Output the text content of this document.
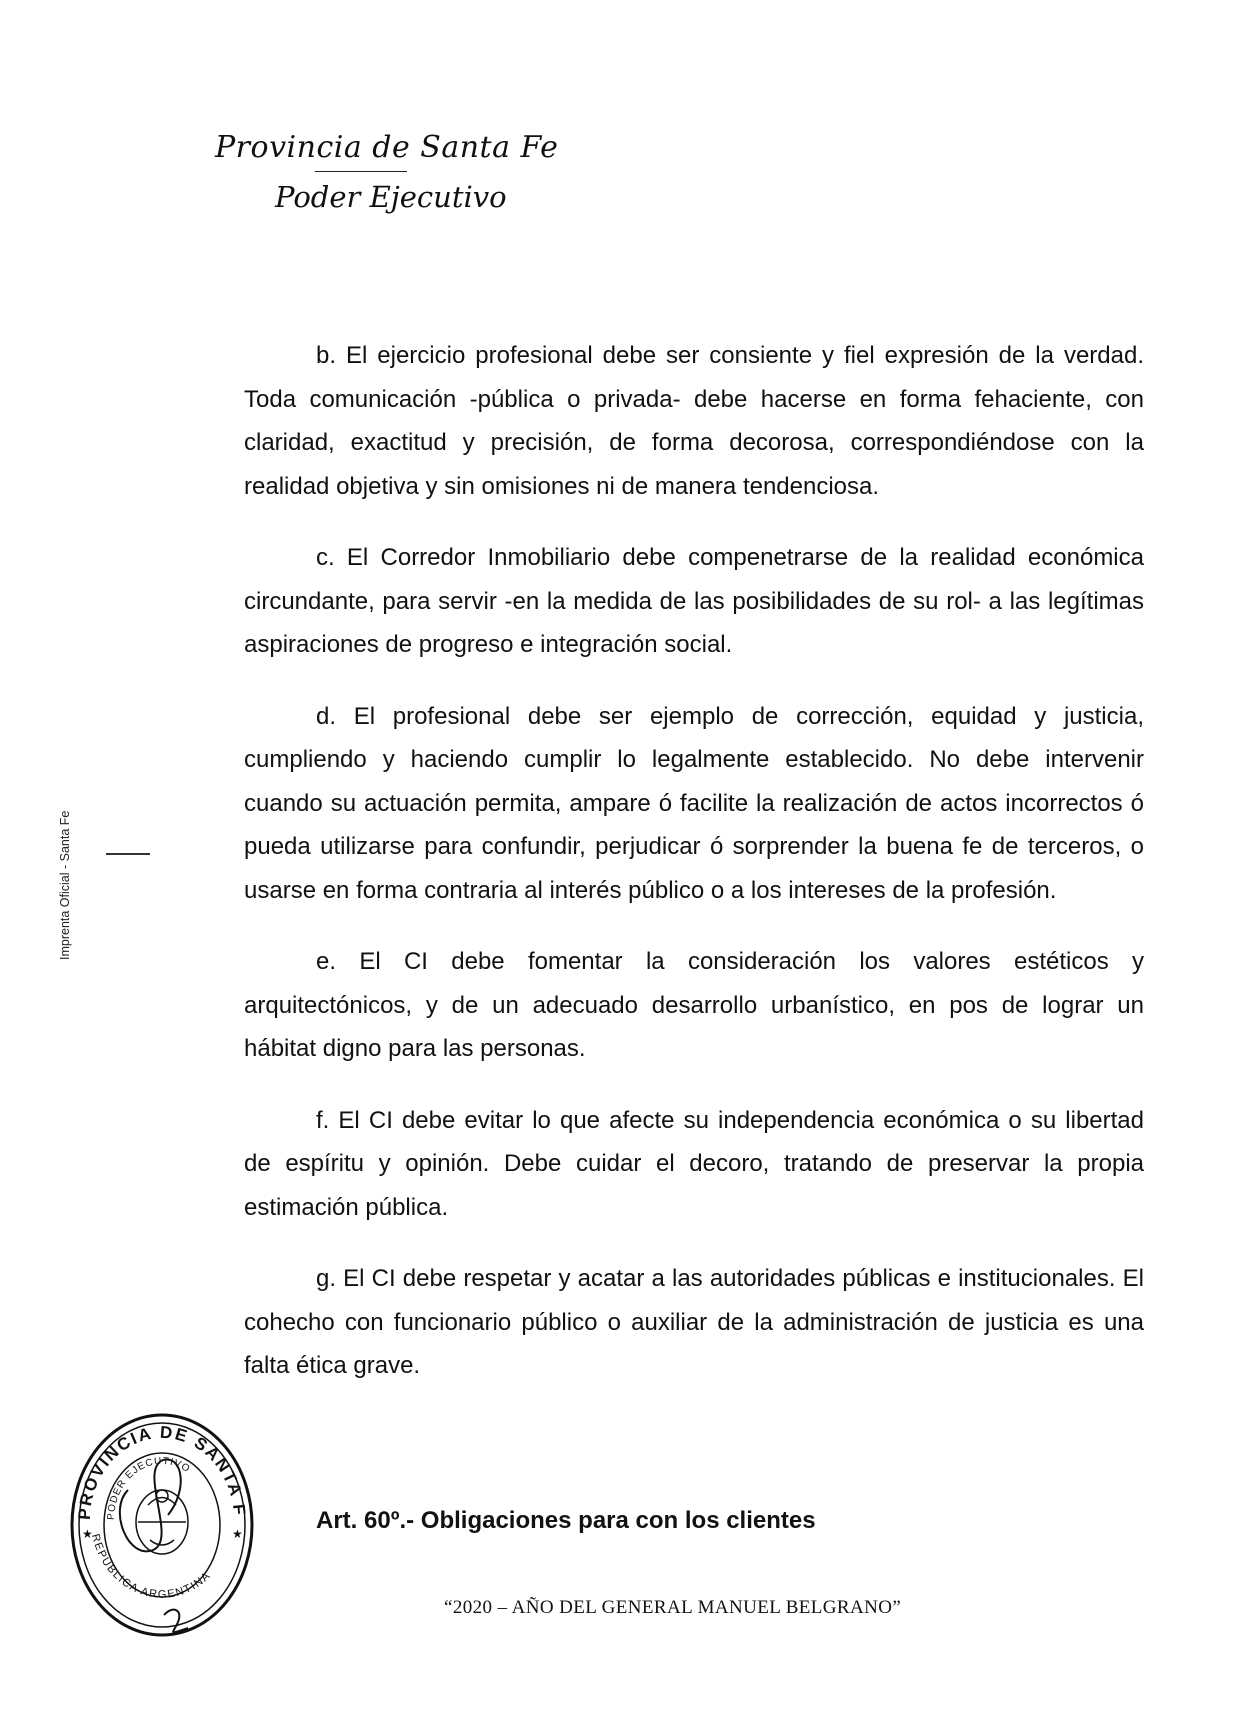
Provincia de Santa Fe
Poder Ejecutivo
Imprenta Oficial - Santa Fe

b. El ejercicio profesional debe ser consiente y fiel expresión de la verdad. Toda comunicación -pública o privada- debe hacerse en forma fehaciente, con claridad, exactitud y precisión, de forma decorosa, correspondiéndose con la realidad objetiva y sin omisiones ni de manera tendenciosa.

c. El Corredor Inmobiliario debe compenetrarse de la realidad económica circundante, para servir -en la medida de las posibilidades de su rol- a las legítimas aspiraciones de progreso e integración social.

d. El profesional debe ser ejemplo de corrección, equidad y justicia, cumpliendo y haciendo cumplir lo legalmente establecido. No debe intervenir cuando su actuación permita, ampare ó facilite la realización de actos incorrectos ó pueda utilizarse para confundir, perjudicar ó sorprender la buena fe de terceros, o usarse en forma contraria al interés público o a los intereses de la profesión.

e. El CI debe fomentar la consideración los valores estéticos y arquitectónicos, y de un adecuado desarrollo urbanístico, en pos de lograr un hábitat digno para las personas.

f. El CI debe evitar lo que afecte su independencia económica o su libertad de espíritu y opinión. Debe cuidar el decoro, tratando de preservar la propia estimación pública.

g. El CI debe respetar y acatar a las autoridades públicas e institucionales. El cohecho con funcionario público o auxiliar de la administración de justicia es una falta ética grave.

Art. 60º.- Obligaciones para con los clientes
PROVINCIA DE SANTA F
PODER EJECUTIVO
REPUBLICA ARGENTINA
★	★
“2020 – AÑO DEL GENERAL MANUEL BELGRANO”
